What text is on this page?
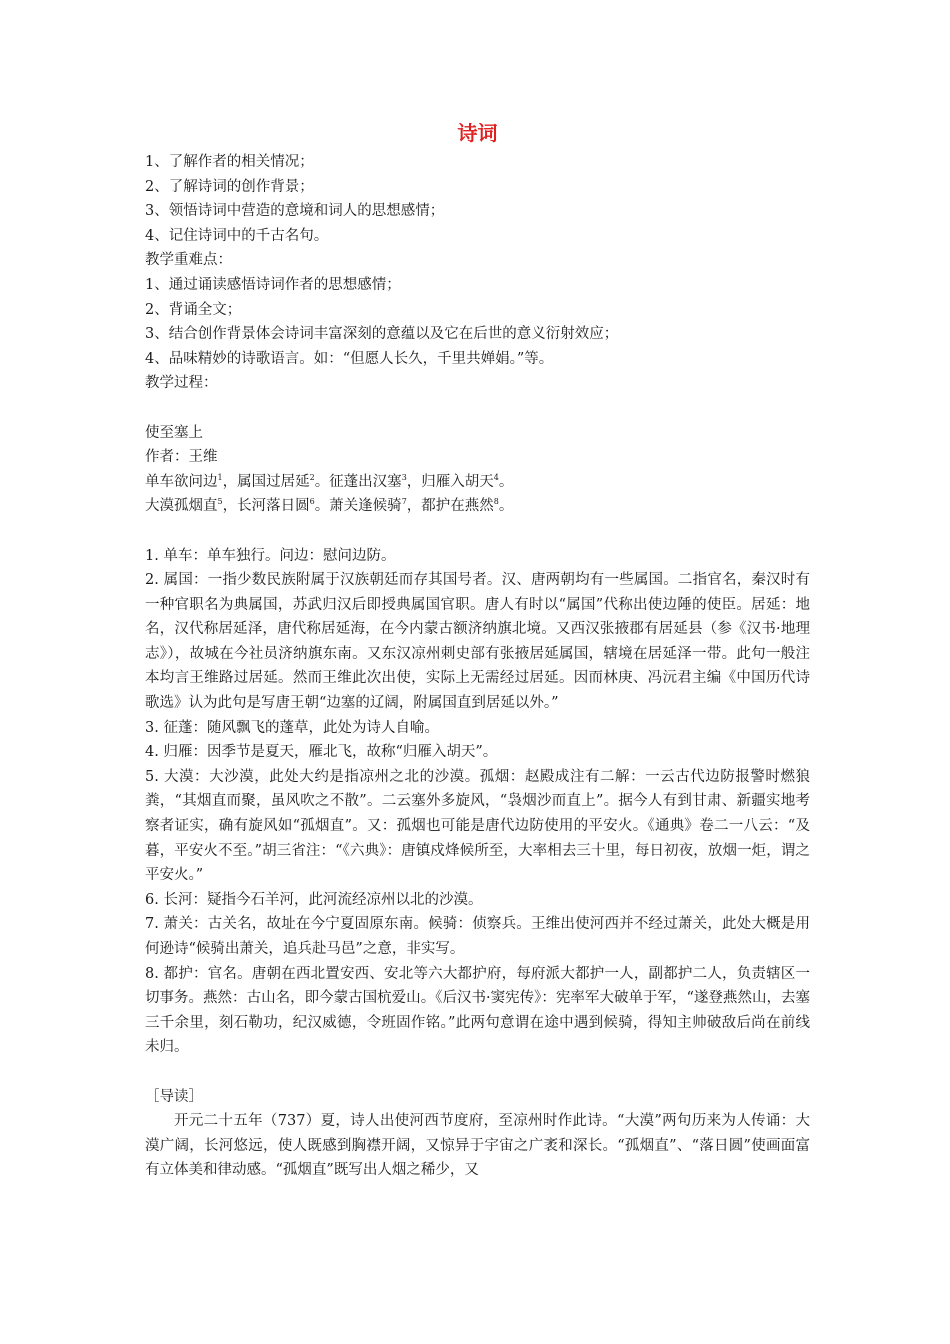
诗词
1、了解作者的相关情况；
2、了解诗词的创作背景；
3、领悟诗词中营造的意境和词人的思想感情；
4、记住诗词中的千古名句。
教学重难点：
1、通过诵读感悟诗词作者的思想感情；
2、背诵全文；
3、结合创作背景体会诗词丰富深刻的意蕴以及它在后世的意义衍射效应；
4、品味精妙的诗歌语言。如：“但愿人长久，千里共婵娟。”等。
教学过程：
使至塞上
作者：王维
单车欲问边$^1$，属国过居延$^2$。征蓬出汉塞$^3$，归雁入胡天$^4$。
大漠孤烟直$^5$，长河落日圆$^6$。萧关逢候骑$^7$，都护在燕然$^8$。
1. 单车：单车独行。问边：慰问边防。
2. 属国：一指少数民族附属于汉族朝廷而存其国号者。汉、唐两朝均有一些属国。二指官名，秦汉时有一种官职名为典属国，苏武归汉后即授典属国官职。唐人有时以“属国”代称出使边陲的使臣。居延：地名，汉代称居延泽，唐代称居延海，在今内蒙古额济纳旗北境。又西汉张掖郡有居延县（参《汉书·地理志》），故城在今社员济纳旗东南。又东汉凉州刺史部有张掖居延属国，辖境在居延泽一带。此句一般注本均言王维路过居延。然而王维此次出使，实际上无需经过居延。因而林庚、冯沅君主编《中国历代诗歌选》认为此句是写唐王朝“边塞的辽阔，附属国直到居延以外。”
3. 征蓬：随风飘飞的蓬草，此处为诗人自喻。
4. 归雁：因季节是夏天，雁北飞，故称“归雁入胡天”。
5. 大漠：大沙漠，此处大约是指凉州之北的沙漠。孤烟：赵殿成注有二解：一云古代边防报警时燃狼粪，“其烟直而聚，虽风吹之不散”。二云塞外多旋风，“袅烟沙而直上”。据今人有到甘肃、新疆实地考察者证实，确有旋风如“孤烟直”。又：孤烟也可能是唐代边防使用的平安火。《通典》卷二一八云：“及暮，平安火不至。”胡三省注：“《六典》：唐镇戍烽候所至，大率相去三十里，每日初夜，放烟一炬，谓之平安火。”
6. 长河：疑指今石羊河，此河流经凉州以北的沙漠。
7. 萧关：古关名，故址在今宁夏固原东南。候骑：侦察兵。王维出使河西并不经过萧关，此处大概是用何逊诗“候骑出萧关，追兵赴马邑”之意，非实写。
8. 都护：官名。唐朝在西北置安西、安北等六大都护府，每府派大都护一人，副都护二人，负责辖区一切事务。燕然：古山名，即今蒙古国杭爱山。《后汉书·窦宪传》：宪率军大破单于军，“遂登燕然山，去塞三千余里，刻石勒功，纪汉威德，令班固作铭。”此两句意谓在途中遇到候骑，得知主帅破敌后尚在前线未归。
［导读］
开元二十五年（737）夏，诗人出使河西节度府，至凉州时作此诗。“大漠”两句历来为人传诵：大漠广阔，长河悠远，使人既感到胸襟开阔，又惊异于宇宙之广袤和深长。“孤烟直”、“落日圆”使画面富有立体美和律动感。“孤烟直”既写出人烟之稀少，又
